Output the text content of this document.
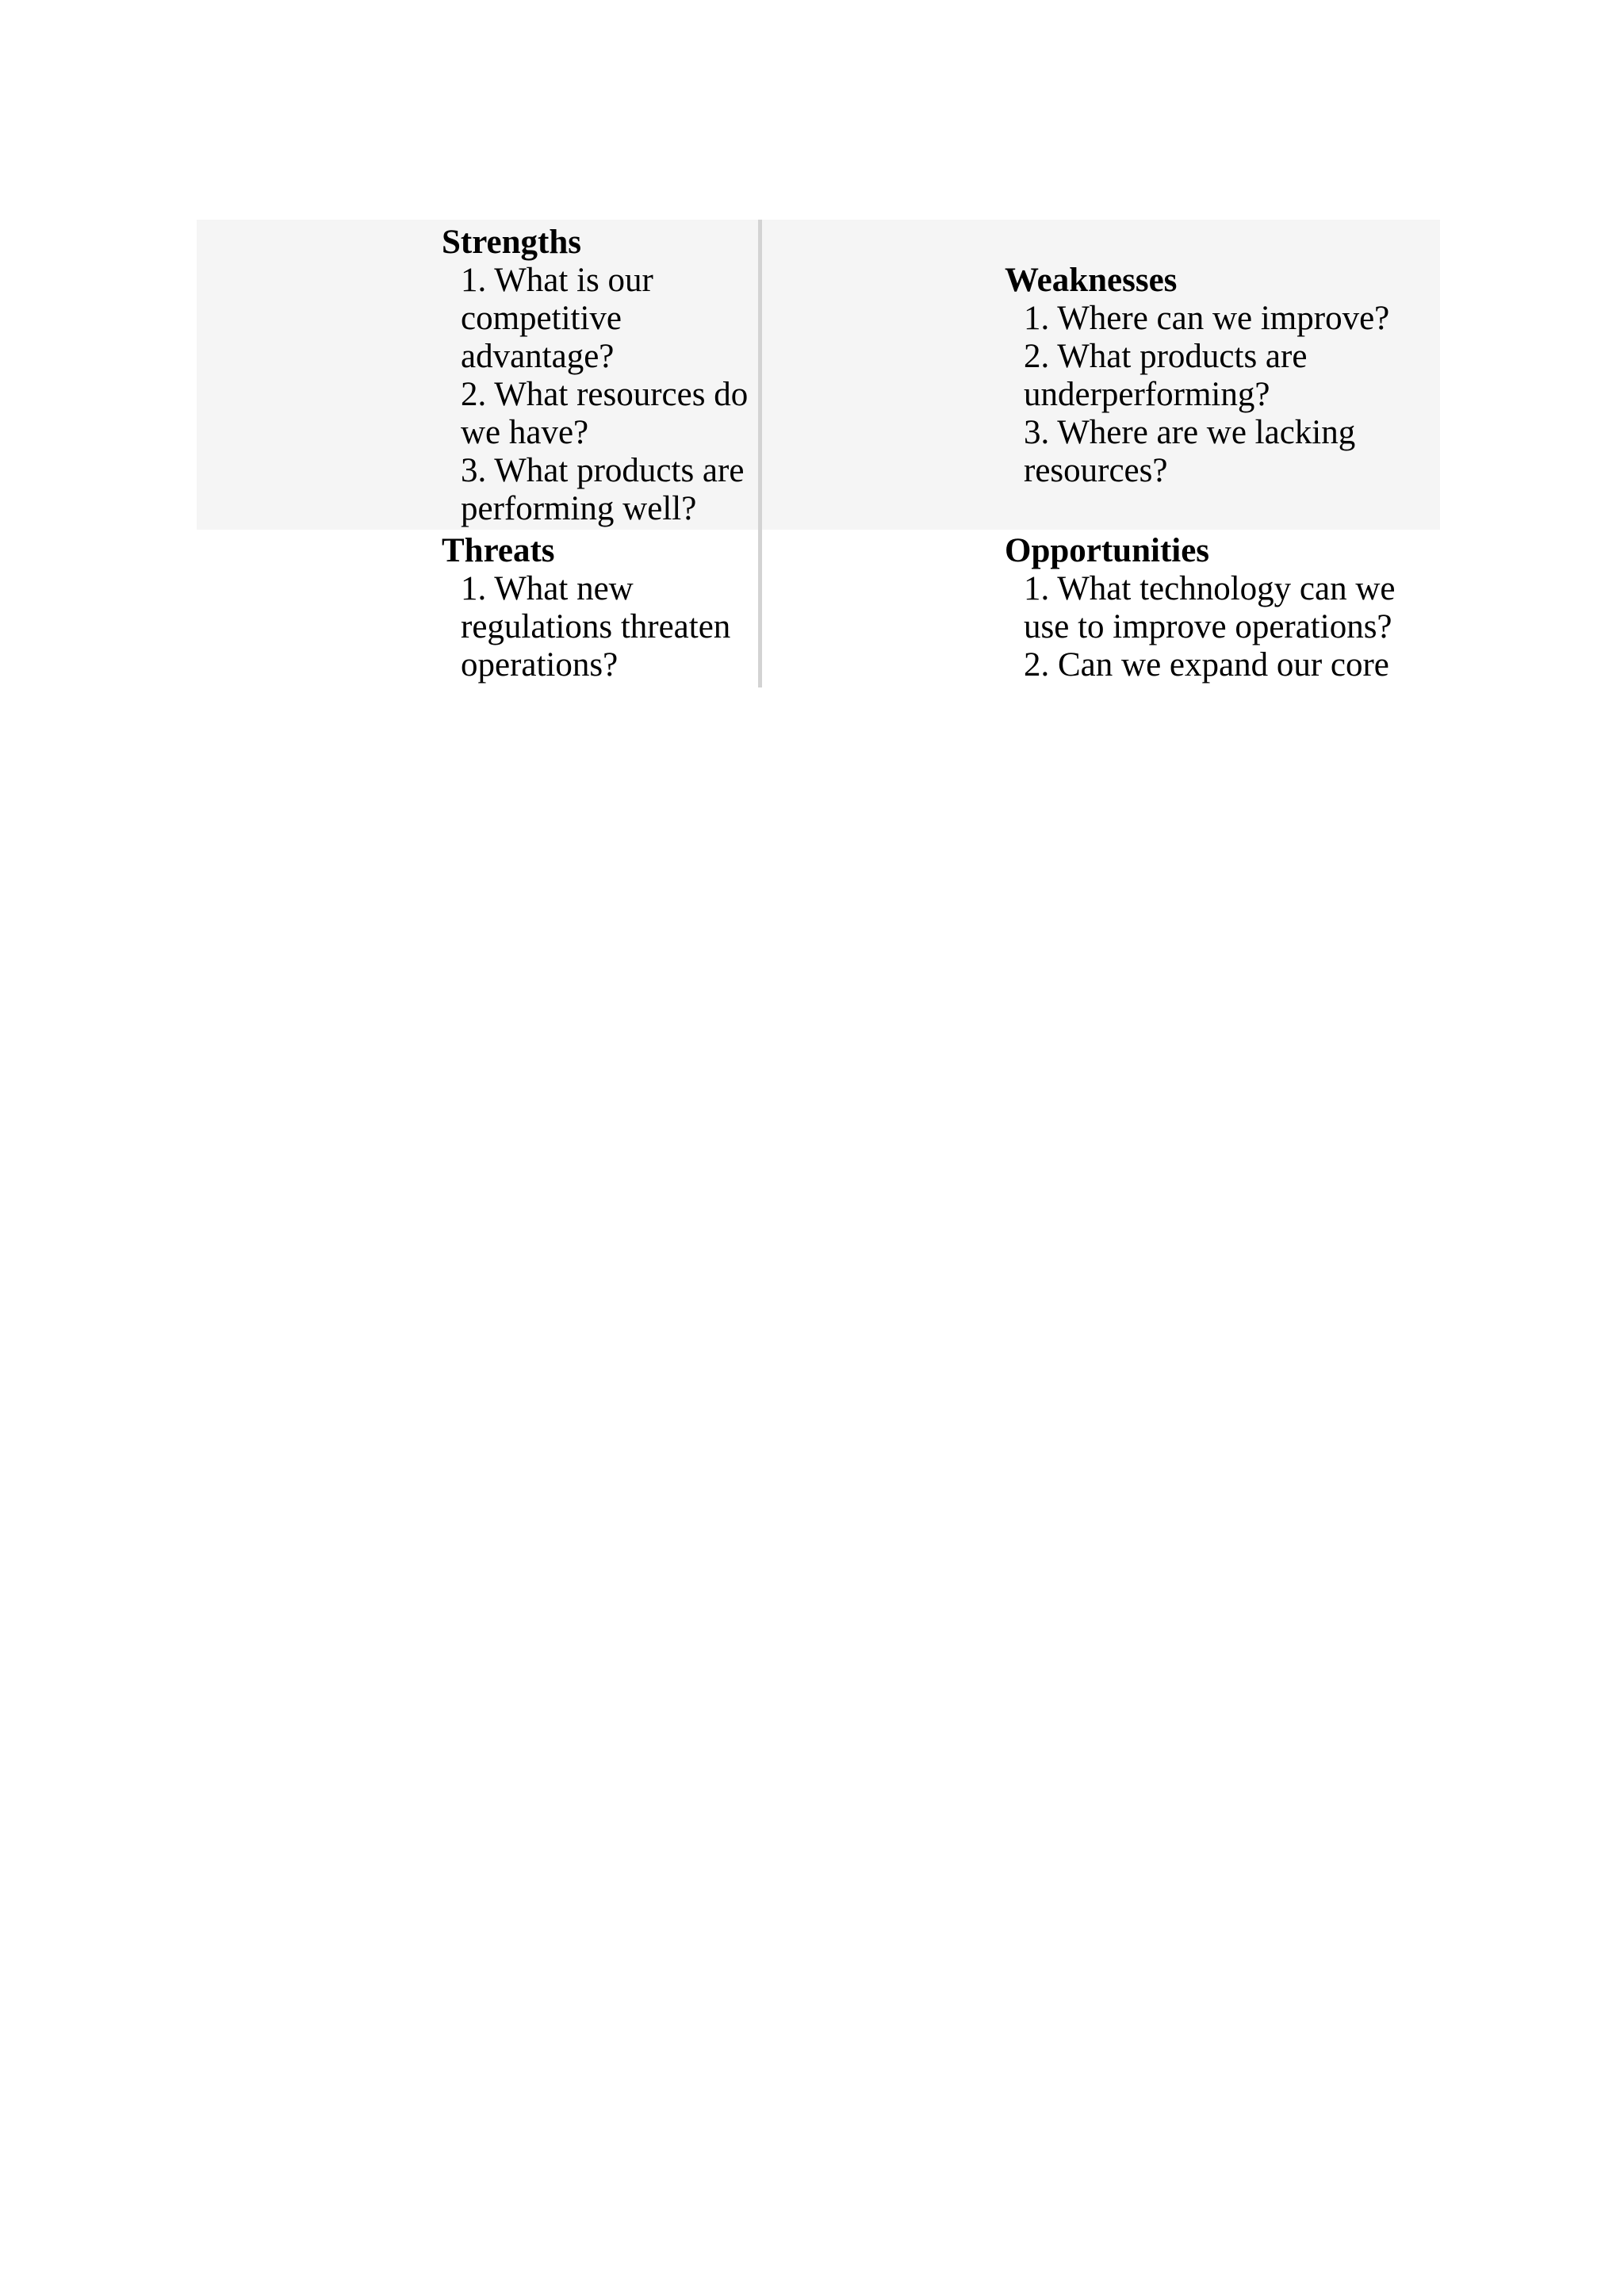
Strengths
1. What is our competitive advantage?
2. What resources do we have?
3. What products are performing well?
Weaknesses
1. Where can we improve?
2. What products are underperforming?
3. Where are we lacking resources?
Threats
1. What new regulations threaten operations?
Opportunities
1. What technology can we use to improve operations?
2. Can we expand our core
